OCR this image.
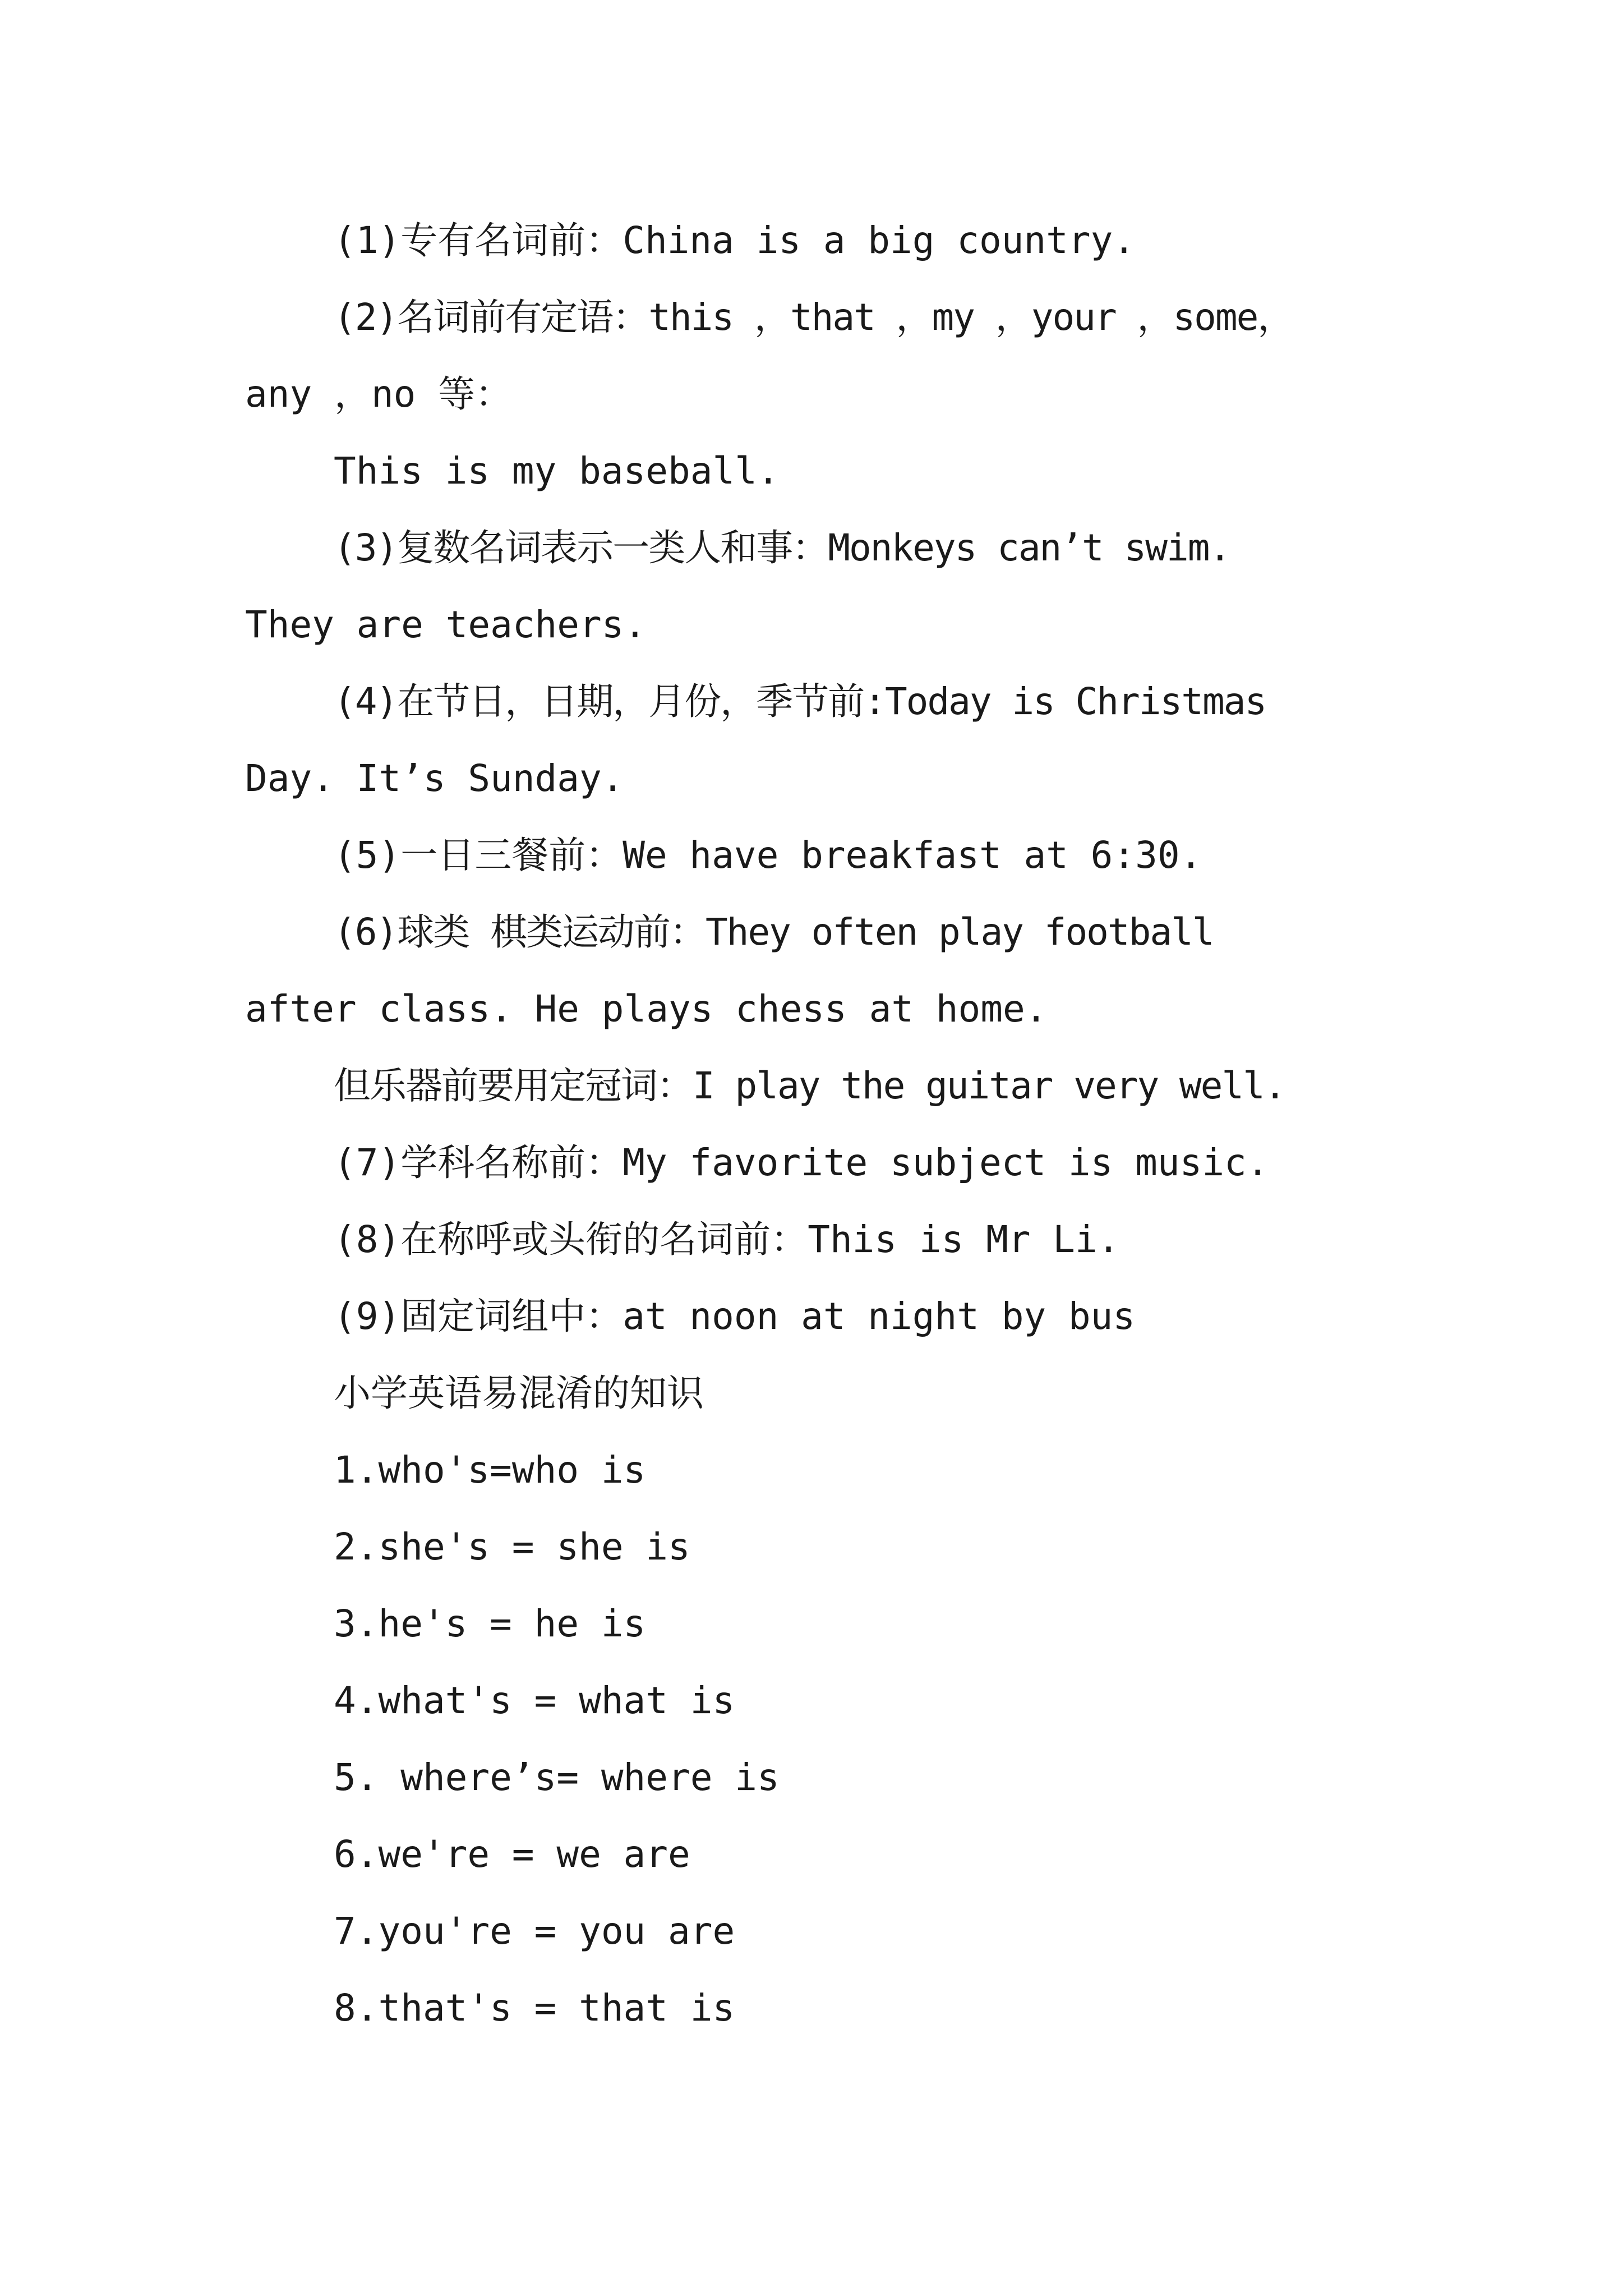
(1)专有名词前：China is a big country.

(2)名词前有定语：this ，that ，my ，your ，some，

any ，no 等：

This is my baseball.

(3)复数名词表示一类人和事：Monkeys can’t swim.

They are teachers.

(4)在节日，日期，月份，季节前:Today is Christmas

Day. It’s Sunday.

(5)一日三餐前：We have breakfast at 6:30.

(6)球类 棋类运动前：They often play football

after class. He plays chess at home.

但乐器前要用定冠词：I play the guitar very well.

(7)学科名称前：My favorite subject is music.

(8)在称呼或头衔的名词前：This is Mr Li.

(9)固定词组中：at noon at night by bus

小学英语易混淆的知识

1.who's=who is

2.she's = she is

3.he's = he is

4.what's = what is

5. where’s= where is

6.we're = we are

7.you're = you are

8.that's = that is
